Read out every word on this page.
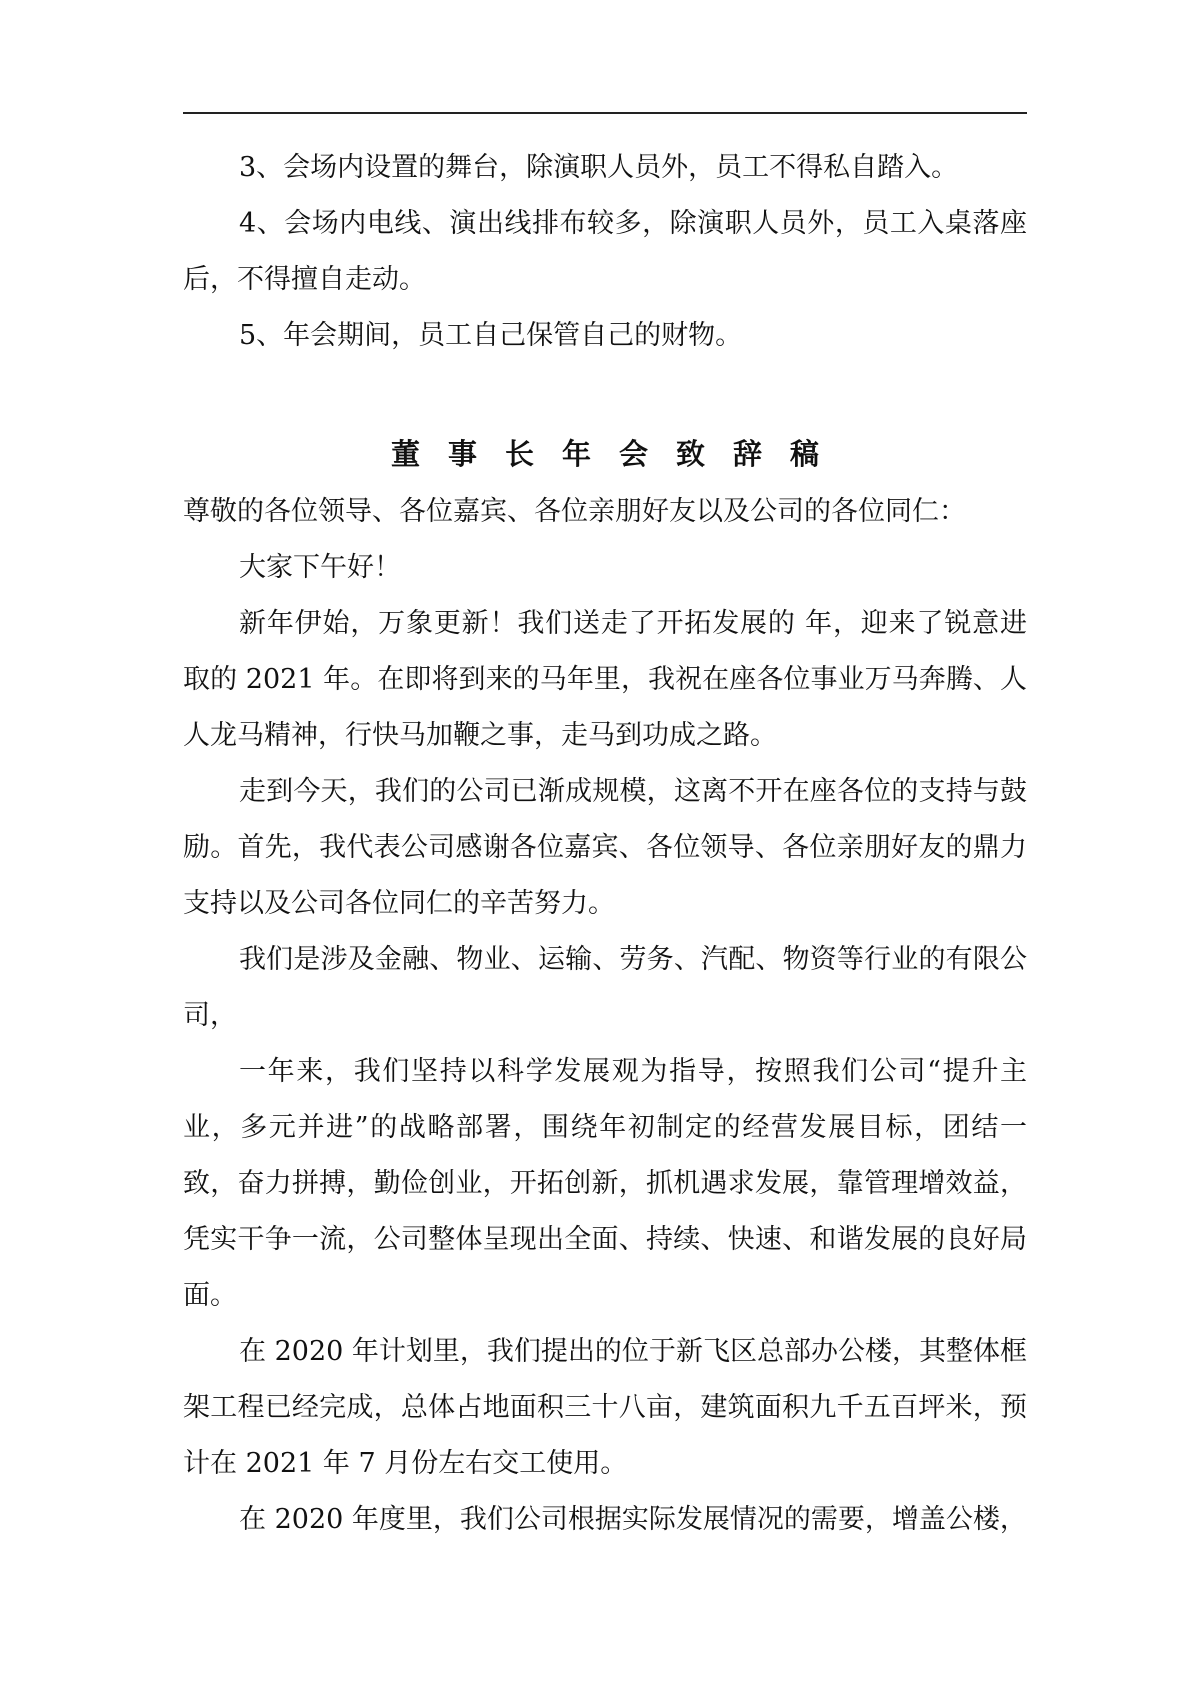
3、会场内设置的舞台，除演职人员外，员工不得私自踏入。

4、会场内电线、演出线排布较多，除演职人员外，员工入桌落座后，不得擅自走动。

5、年会期间，员工自己保管自己的财物。

董事长年会致辞稿

尊敬的各位领导、各位嘉宾、各位亲朋好友以及公司的各位同仁：

大家下午好！

新年伊始，万象更新！我们送走了开拓发展的 年，迎来了锐意进取的 2021 年。在即将到来的马年里，我祝在座各位事业万马奔腾、人人龙马精神，行快马加鞭之事，走马到功成之路。

走到今天，我们的公司已渐成规模，这离不开在座各位的支持与鼓励。首先，我代表公司感谢各位嘉宾、各位领导、各位亲朋好友的鼎力支持以及公司各位同仁的辛苦努力。

我们是涉及金融、物业、运输、劳务、汽配、物资等行业的有限公司，

一年来，我们坚持以科学发展观为指导，按照我们公司“提升主业，多元并进”的战略部署，围绕年初制定的经营发展目标，团结一致，奋力拼搏，勤俭创业，开拓创新，抓机遇求发展，靠管理增效益，凭实干争一流，公司整体呈现出全面、持续、快速、和谐发展的良好局面。

在 2020 年计划里，我们提出的位于新飞区总部办公楼，其整体框架工程已经完成，总体占地面积三十八亩，建筑面积九千五百坪米，预计在 2021 年 7 月份左右交工使用。

在 2020 年度里，我们公司根据实际发展情况的需要，增盖公楼，
